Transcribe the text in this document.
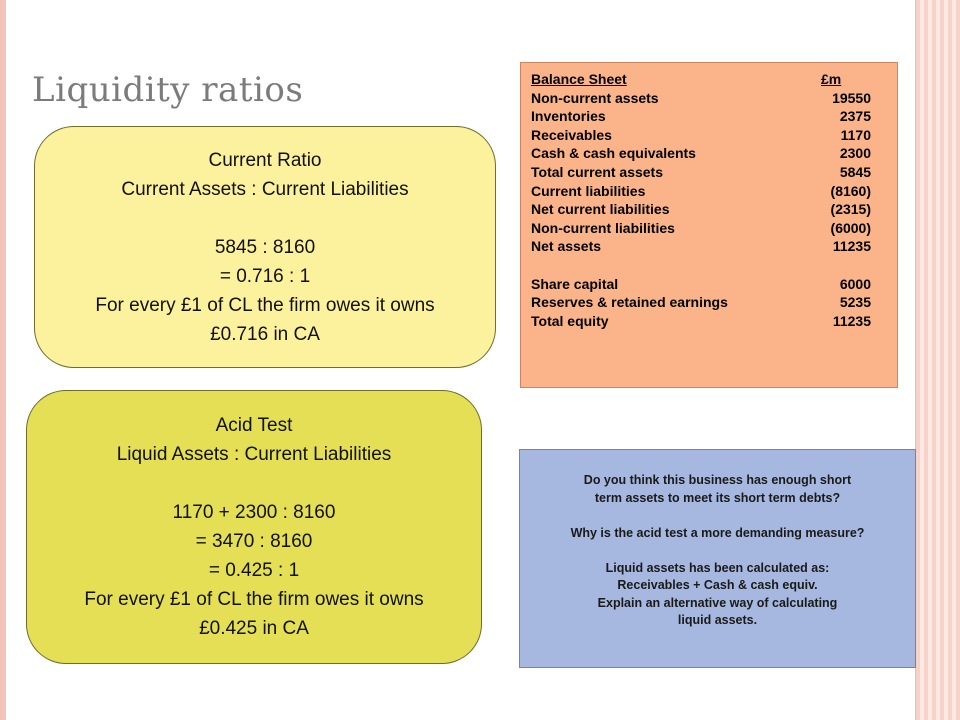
Liquidity ratios
Current Ratio
Current Assets : Current Liabilities
5845 : 8160
= 0.716 : 1
For every £1 of CL the firm owes it owns
£0.716 in CA
Acid Test
Liquid Assets : Current Liabilities
1170 + 2300 : 8160
= 3470 : 8160
= 0.425 : 1
For every £1 of CL the firm owes it owns
£0.425 in CA
Balance Sheet	£m
Non-current assets	19550
Inventories	2375
Receivables	1170
Cash & cash equivalents	2300
Total current assets	5845
Current liabilities	(8160)
Net current liabilities	(2315)
Non-current liabilities	(6000)
Net assets	11235
Share capital	6000
Reserves & retained earnings	5235
Total equity	11235
Do you think this business has enough short
term assets to meet its short term debts?
Why is the acid test a more demanding measure?
Liquid assets has been calculated as:
Receivables + Cash & cash equiv.
Explain an alternative way of calculating
liquid assets.
